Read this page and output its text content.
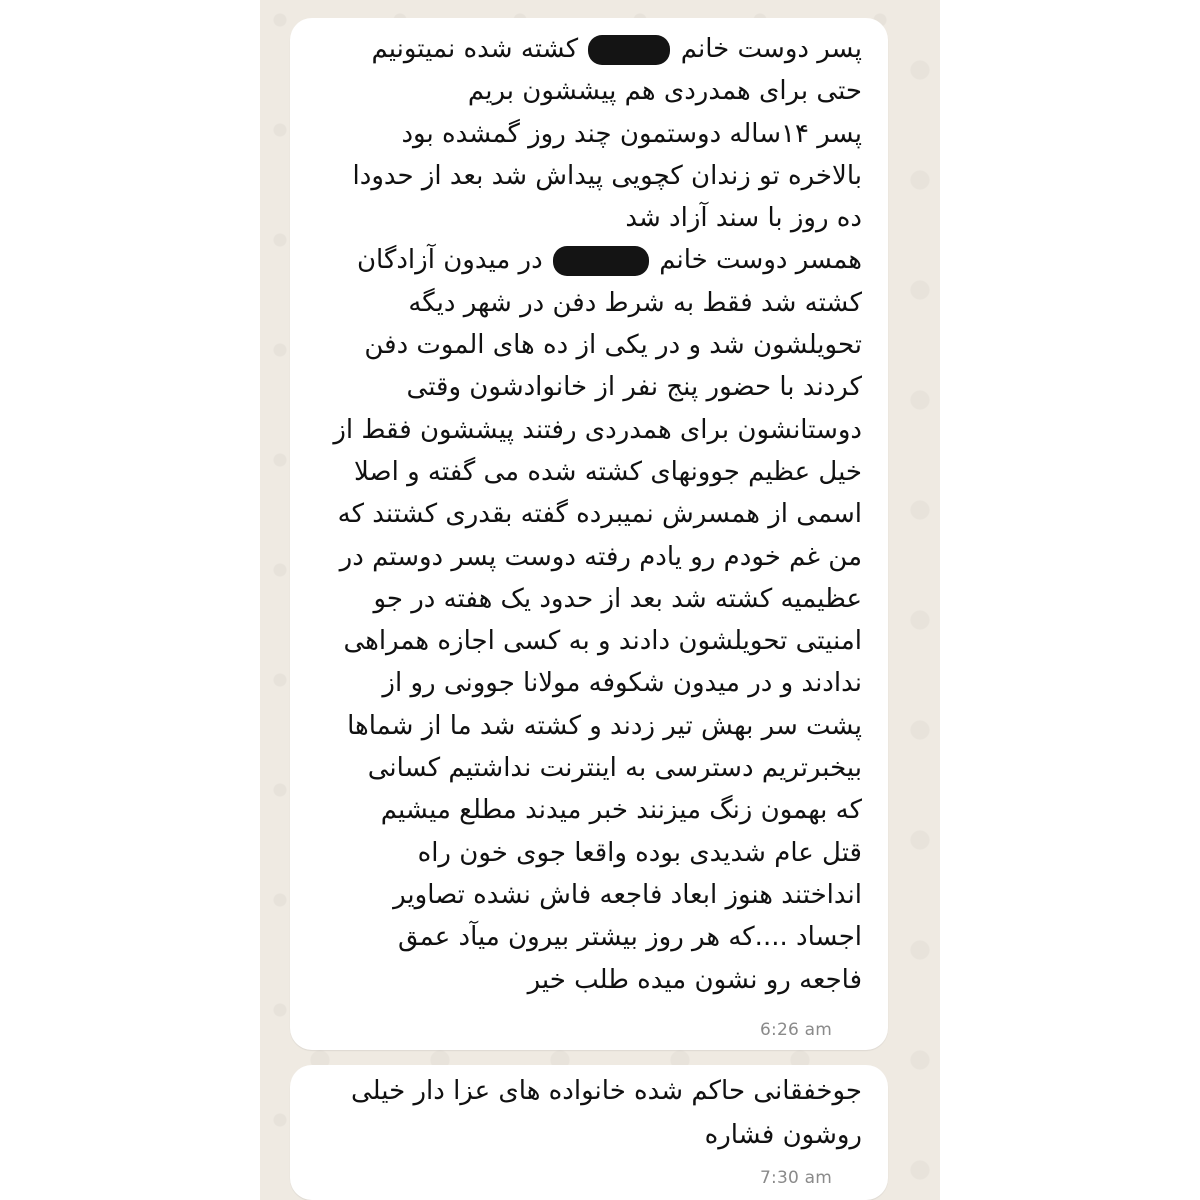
پسر دوست خانم  کشته شده نمیتونیم
حتی برای همدردی هم پیششون بریم
پسر ۱۴ساله دوستمون چند روز گمشده بود
بالاخره تو زندان کچویی پیداش شد بعد از حدودا
ده روز با سند آزاد شد
همسر دوست خانم  در میدون آزادگان
کشته شد فقط به شرط دفن در شهر دیگه
تحویلشون شد و در یکی از ده های الموت دفن
کردند با حضور پنج نفر از خانوادشون وقتی
دوستانشون برای همدردی رفتند پیششون فقط از
خیل عظیم جوونهای کشته شده می گفته و اصلا
اسمی از همسرش نمیبرده گفته بقدری کشتند که
من غم خودم رو یادم رفته دوست پسر دوستم در
عظیمیه کشته شد بعد از حدود یک هفته در جو
امنیتی تحویلشون دادند و به کسی اجازه همراهی
ندادند و در میدون شکوفه مولانا جوونی رو از
پشت سر بهش تیر زدند و کشته شد ما از شماها
بیخبرتریم دسترسی به اینترنت نداشتیم کسانی
که بهمون زنگ میزنند خبر میدند مطلع میشیم
قتل عام شدیدی بوده واقعا جوی خون راه
انداختند هنوز ابعاد فاجعه فاش نشده تصاویر
اجساد ....که هر روز بیشتر بیرون میآد عمق
فاجعه رو نشون میده طلب خیر
6:26 am
جوخفقانی حاکم شده خانواده های عزا دار خیلی
روشون فشاره
7:30 am
